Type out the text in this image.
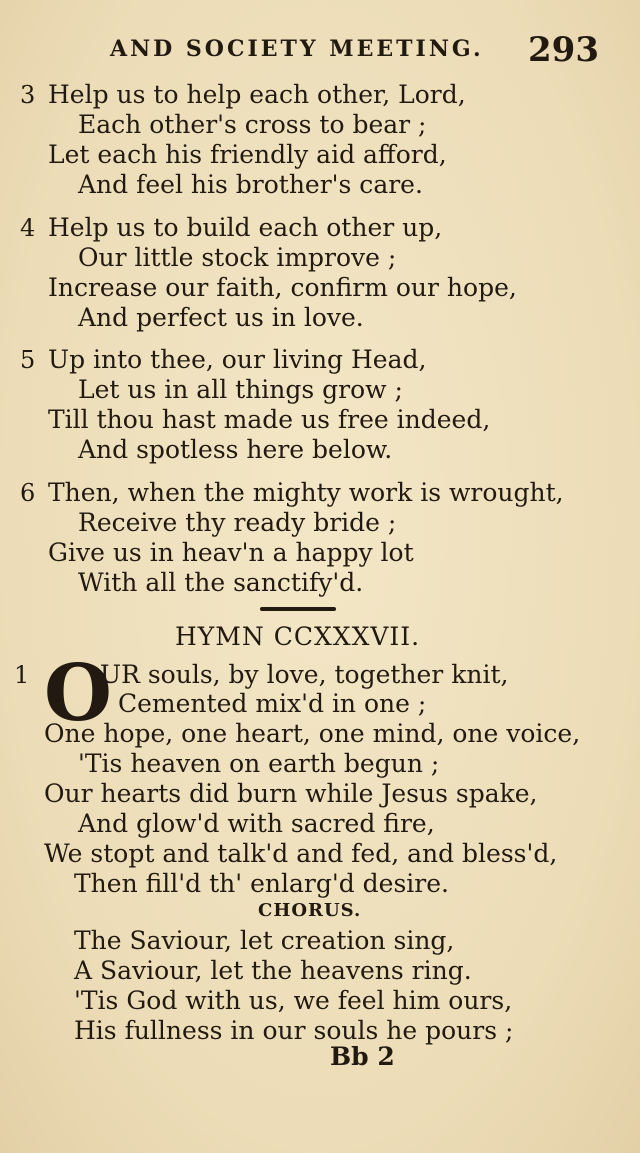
AND SOCIETY MEETING.	293
3 Help us to help each other, Lord,
Each other's cross to bear ;
Let each his friendly aid afford,
And feel his brother's care.
4 Help us to build each other up,
Our little stock improve ;
Increase our faith, confirm our hope,
And perfect us in love.
5 Up into thee, our living Head,
Let us in all things grow ;
Till thou hast made us free indeed,
And spotless here below.
6 Then, when the mighty work is wrought,
Receive thy ready bride ;
Give us in heav'n a happy lot
With all the sanctify'd.
HYMN CCXXXVII.
1 O
UR souls, by love, together knit,
Cemented mix'd in one ;
One hope, one heart, one mind, one voice,
'Tis heaven on earth begun ;
Our hearts did burn while Jesus spake,
And glow'd with sacred fire,
We stopt and talk'd and fed, and bless'd,
Then fill'd th' enlarg'd desire.
CHORUS.
The Saviour, let creation sing,
A Saviour, let the heavens ring.
'Tis God with us, we feel him ours,
His fullness in our souls he pours ;
Bb 2
